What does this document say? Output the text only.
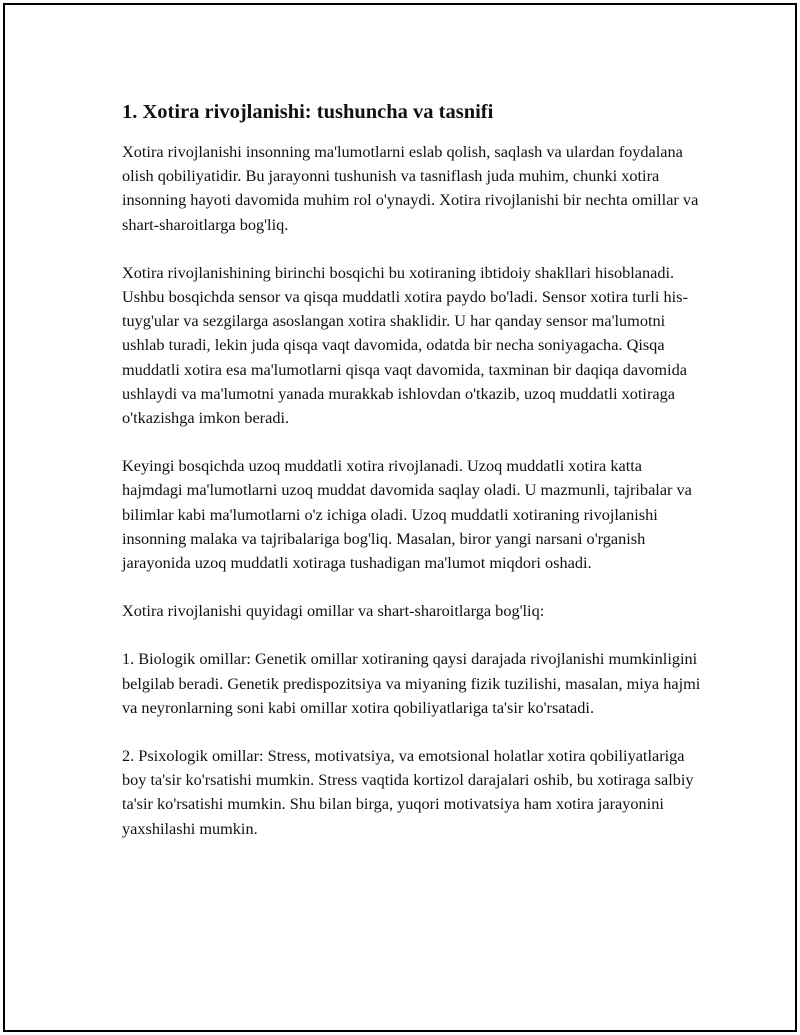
1. Xotira rivojlanishi: tushuncha va tasnifi

Xotira rivojlanishi insonning ma'lumotlarni eslab qolish, saqlash va ulardan foydalana olish qobiliyatidir. Bu jarayonni tushunish va tasniflash juda muhim, chunki xotira insonning hayoti davomida muhim rol o'ynaydi. Xotira rivojlanishi bir nechta omillar va shart-sharoitlarga bog'liq.

Xotira rivojlanishining birinchi bosqichi bu xotiraning ibtidoiy shakllari hisoblanadi. Ushbu bosqichda sensor va qisqa muddatli xotira paydo bo'ladi. Sensor xotira turli his-tuyg'ular va sezgilarga asoslangan xotira shaklidir. U har qanday sensor ma'lumotni ushlab turadi, lekin juda qisqa vaqt davomida, odatda bir necha soniyagacha. Qisqa muddatli xotira esa ma'lumotlarni qisqa vaqt davomida, taxminan bir daqiqa davomida ushlaydi va ma'lumotni yanada murakkab ishlovdan o'tkazib, uzoq muddatli xotiraga o'tkazishga imkon beradi.

Keyingi bosqichda uzoq muddatli xotira rivojlanadi. Uzoq muddatli xotira katta hajmdagi ma'lumotlarni uzoq muddat davomida saqlay oladi. U mazmunli, tajribalar va bilimlar kabi ma'lumotlarni o'z ichiga oladi. Uzoq muddatli xotiraning rivojlanishi insonning malaka va tajribalariga bog'liq. Masalan, biror yangi narsani o'rganish jarayonida uzoq muddatli xotiraga tushadigan ma'lumot miqdori oshadi.

Xotira rivojlanishi quyidagi omillar va shart-sharoitlarga bog'liq:

1. Biologik omillar: Genetik omillar xotiraning qaysi darajada rivojlanishi mumkinligini belgilab beradi. Genetik predispozitsiya va miyaning fizik tuzilishi, masalan, miya hajmi va neyronlarning soni kabi omillar xotira qobiliyatlariga ta'sir ko'rsatadi.

2. Psixologik omillar: Stress, motivatsiya, va emotsional holatlar xotira qobiliyatlariga boy ta'sir ko'rsatishi mumkin. Stress vaqtida kortizol darajalari oshib, bu xotiraga salbiy ta'sir ko'rsatishi mumkin. Shu bilan birga, yuqori motivatsiya ham xotira jarayonini yaxshilashi mumkin.
